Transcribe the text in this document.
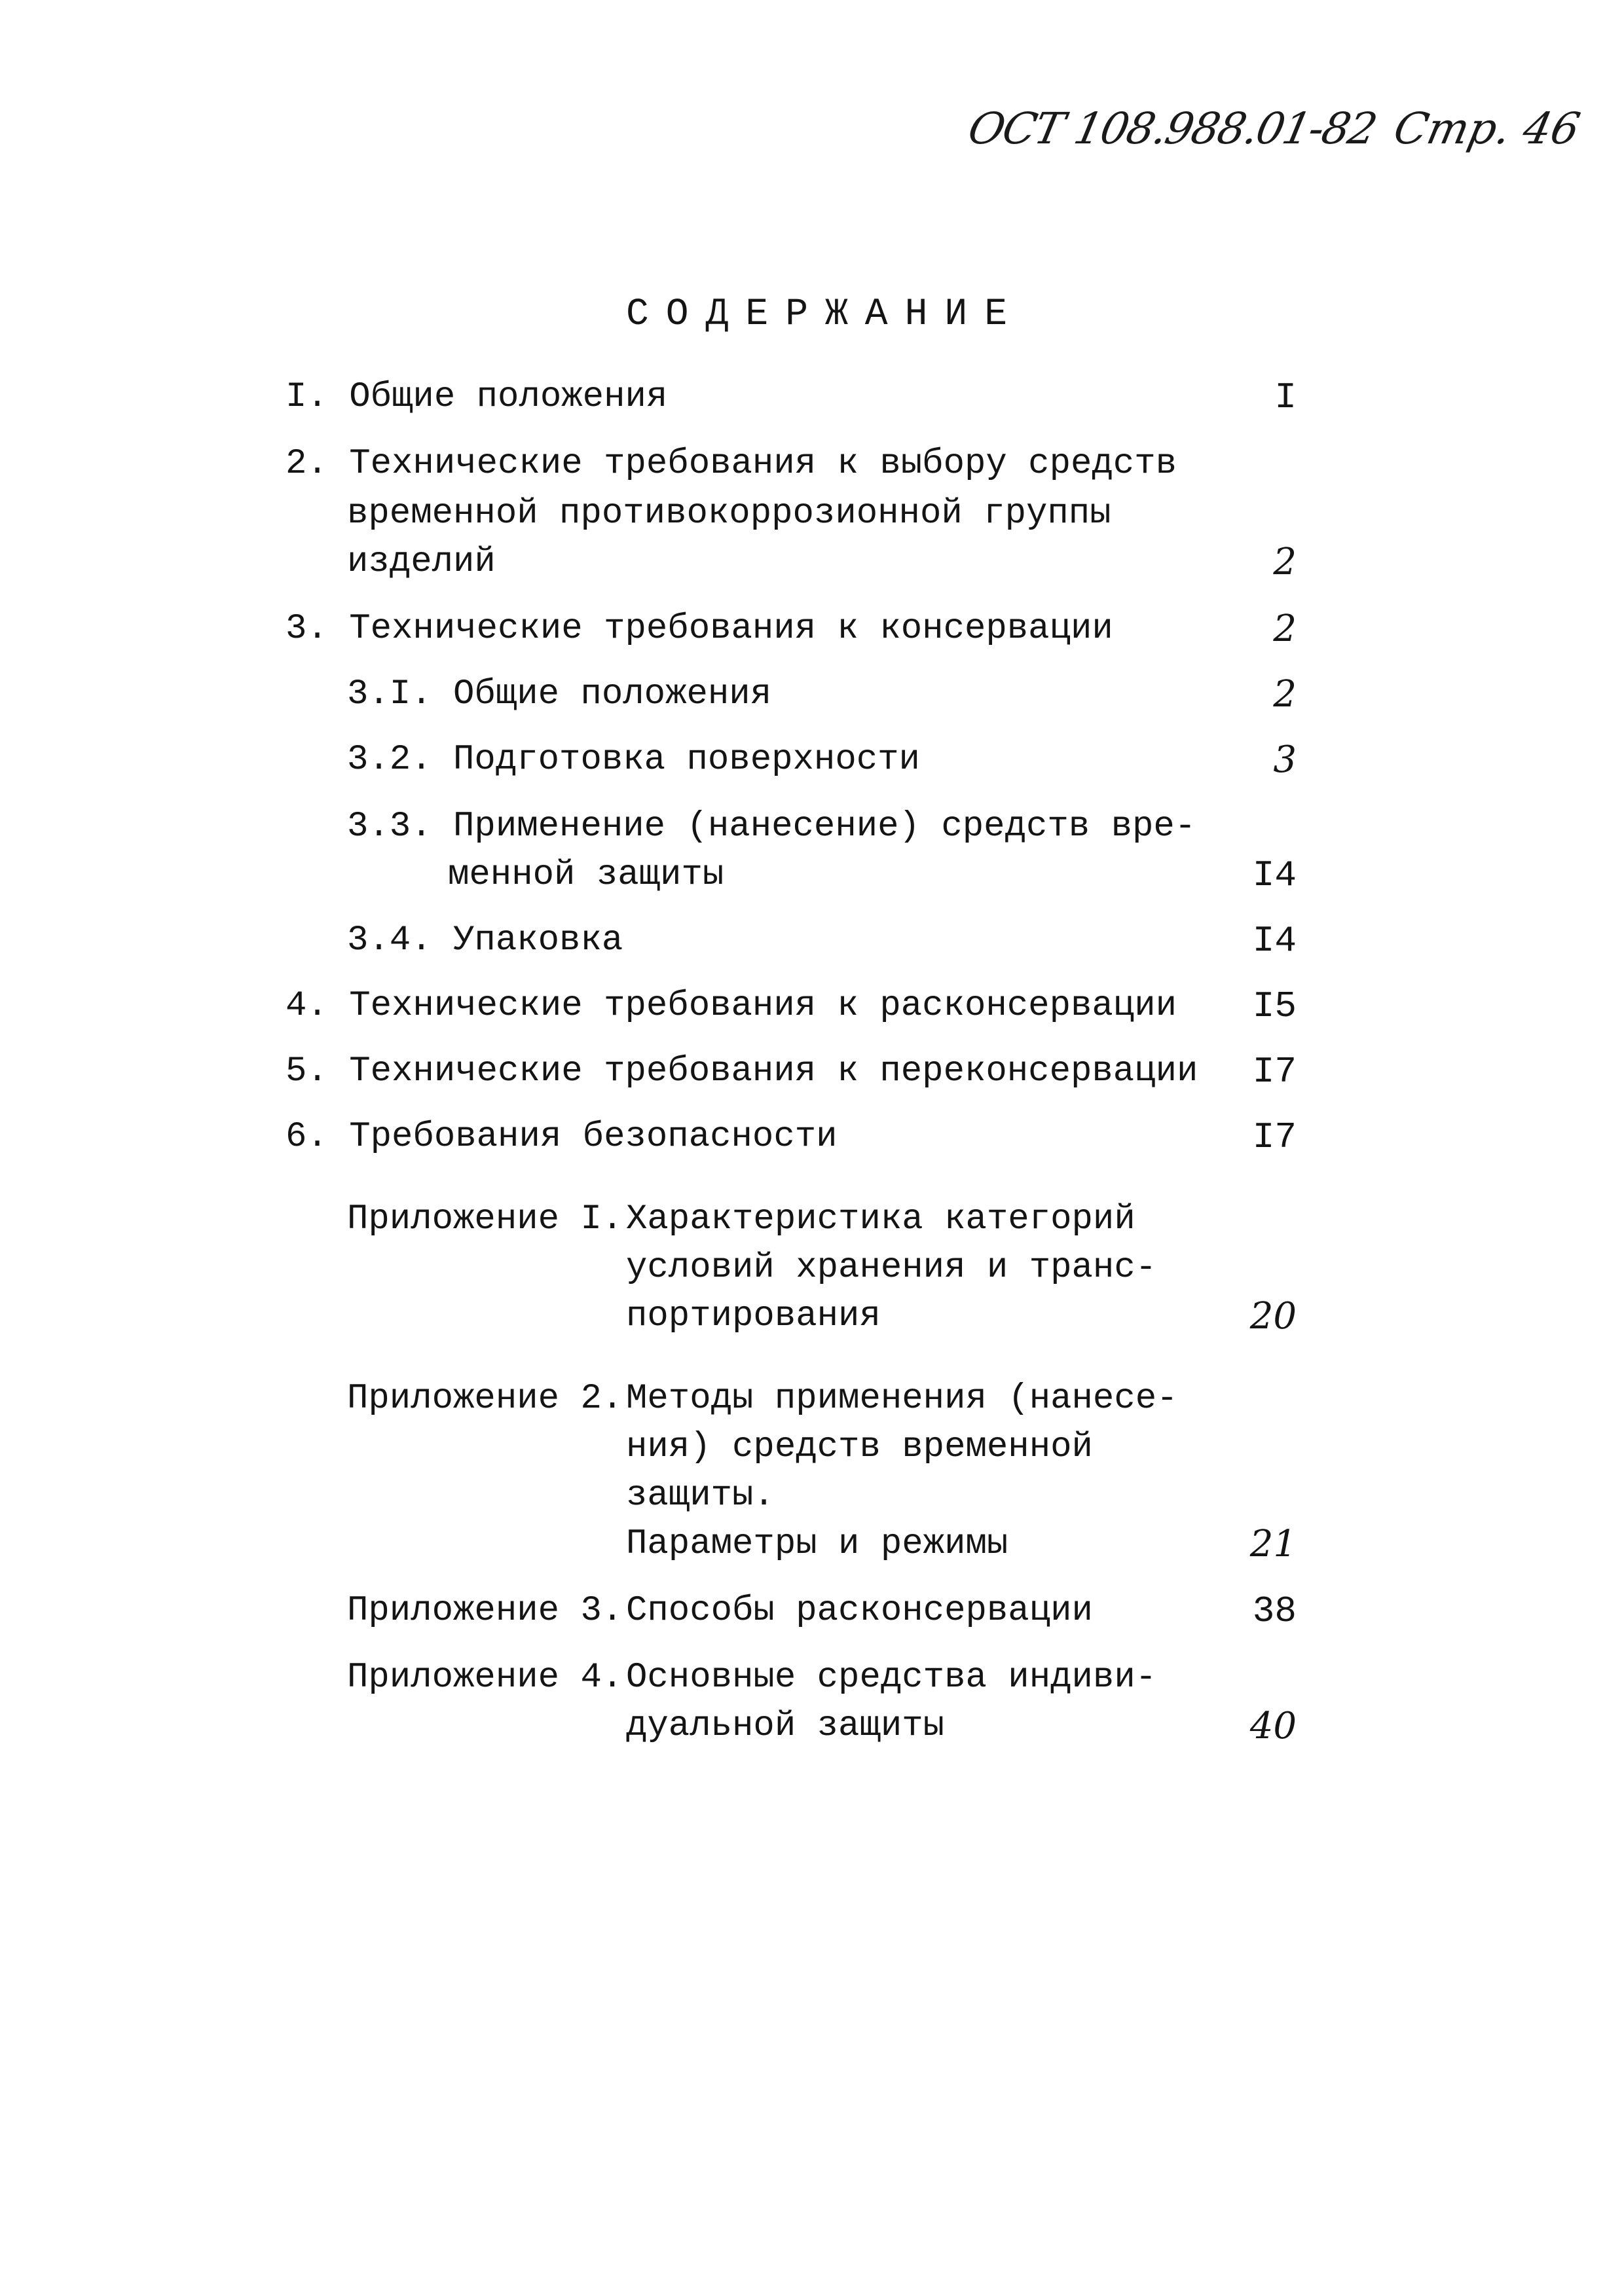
ОСТ 108.988.01-82 Стр. 46
СОДЕРЖАНИЕ
I. Общие положения	I
2. Технические требования к выбору средств
временной противокоррозионной группы
изделий	2
3. Технические требования к консервации	2
3.I. Общие положения	2
3.2. Подготовка поверхности	3
3.3. Применение (нанесение) средств вре-
менной защиты	I4
3.4. Упаковка	I4
4. Технические требования к расконсервации	I5
5. Технические требования к переконсервации	I7
6. Требования безопасности	I7
Приложение I. Характеристика категорий
условий хранения и транс-
портирования	20
Приложение 2. Методы применения (нанесе-
ния) средств временной
защиты.
Параметры и режимы	21
Приложение 3. Способы расконсервации	38
Приложение 4. Основные средства индиви-
дуальной защиты	40
